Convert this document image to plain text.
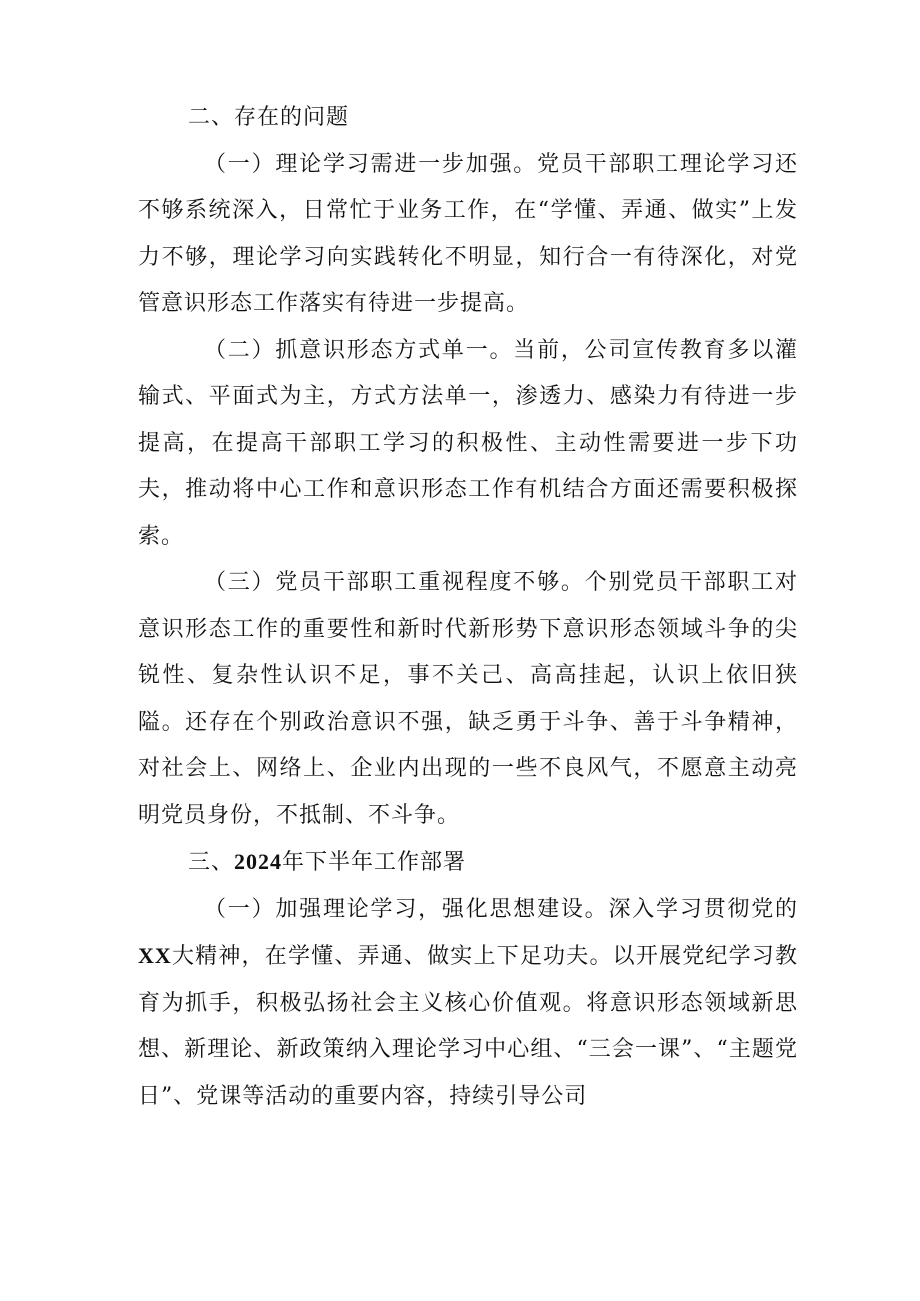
二、存在的问题

（一）理论学习需进一步加强。党员干部职工理论学习还不够系统深入，日常忙于业务工作，在“学懂、弄通、做实”上发力不够，理论学习向实践转化不明显，知行合一有待深化，对党管意识形态工作落实有待进一步提高。

（二）抓意识形态方式单一。当前，公司宣传教育多以灌输式、平面式为主，方式方法单一，渗透力、感染力有待进一步提高，在提高干部职工学习的积极性、主动性需要进一步下功夫，推动将中心工作和意识形态工作有机结合方面还需要积极探索。

（三）党员干部职工重视程度不够。个别党员干部职工对意识形态工作的重要性和新时代新形势下意识形态领域斗争的尖锐性、复杂性认识不足，事不关己、高高挂起，认识上依旧狭隘。还存在个别政治意识不强，缺乏勇于斗争、善于斗争精神，对社会上、网络上、企业内出现的一些不良风气，不愿意主动亮明党员身份，不抵制、不斗争。

三、2024年下半年工作部署

（一）加强理论学习，强化思想建设。深入学习贯彻党的XX大精神，在学懂、弄通、做实上下足功夫。以开展党纪学习教育为抓手，积极弘扬社会主义核心价值观。将意识形态领域新思想、新理论、新政策纳入理论学习中心组、“三会一课”、“主题党日”、党课等活动的重要内容，持续引导公司
